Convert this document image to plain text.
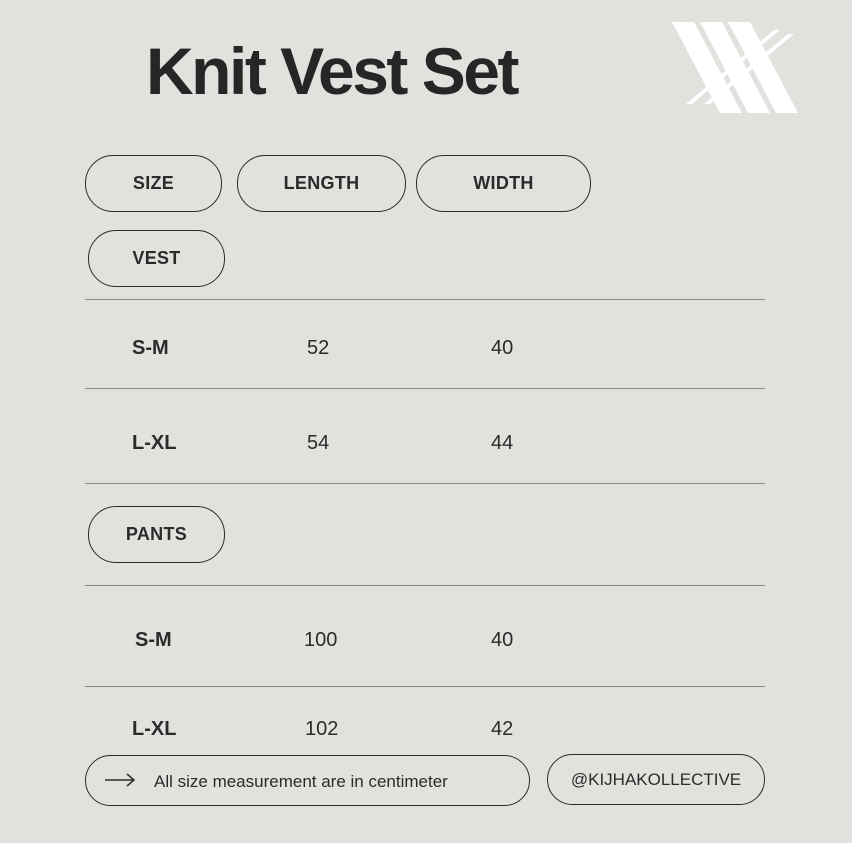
Knit Vest Set
SIZE	LENGTH	WIDTH
VEST
S-M	52	40
L-XL	54	44
PANTS
S-M	100	40
L-XL	102	42
All size measurement are in centimeter	@KIJHAKOLLECTIVE
